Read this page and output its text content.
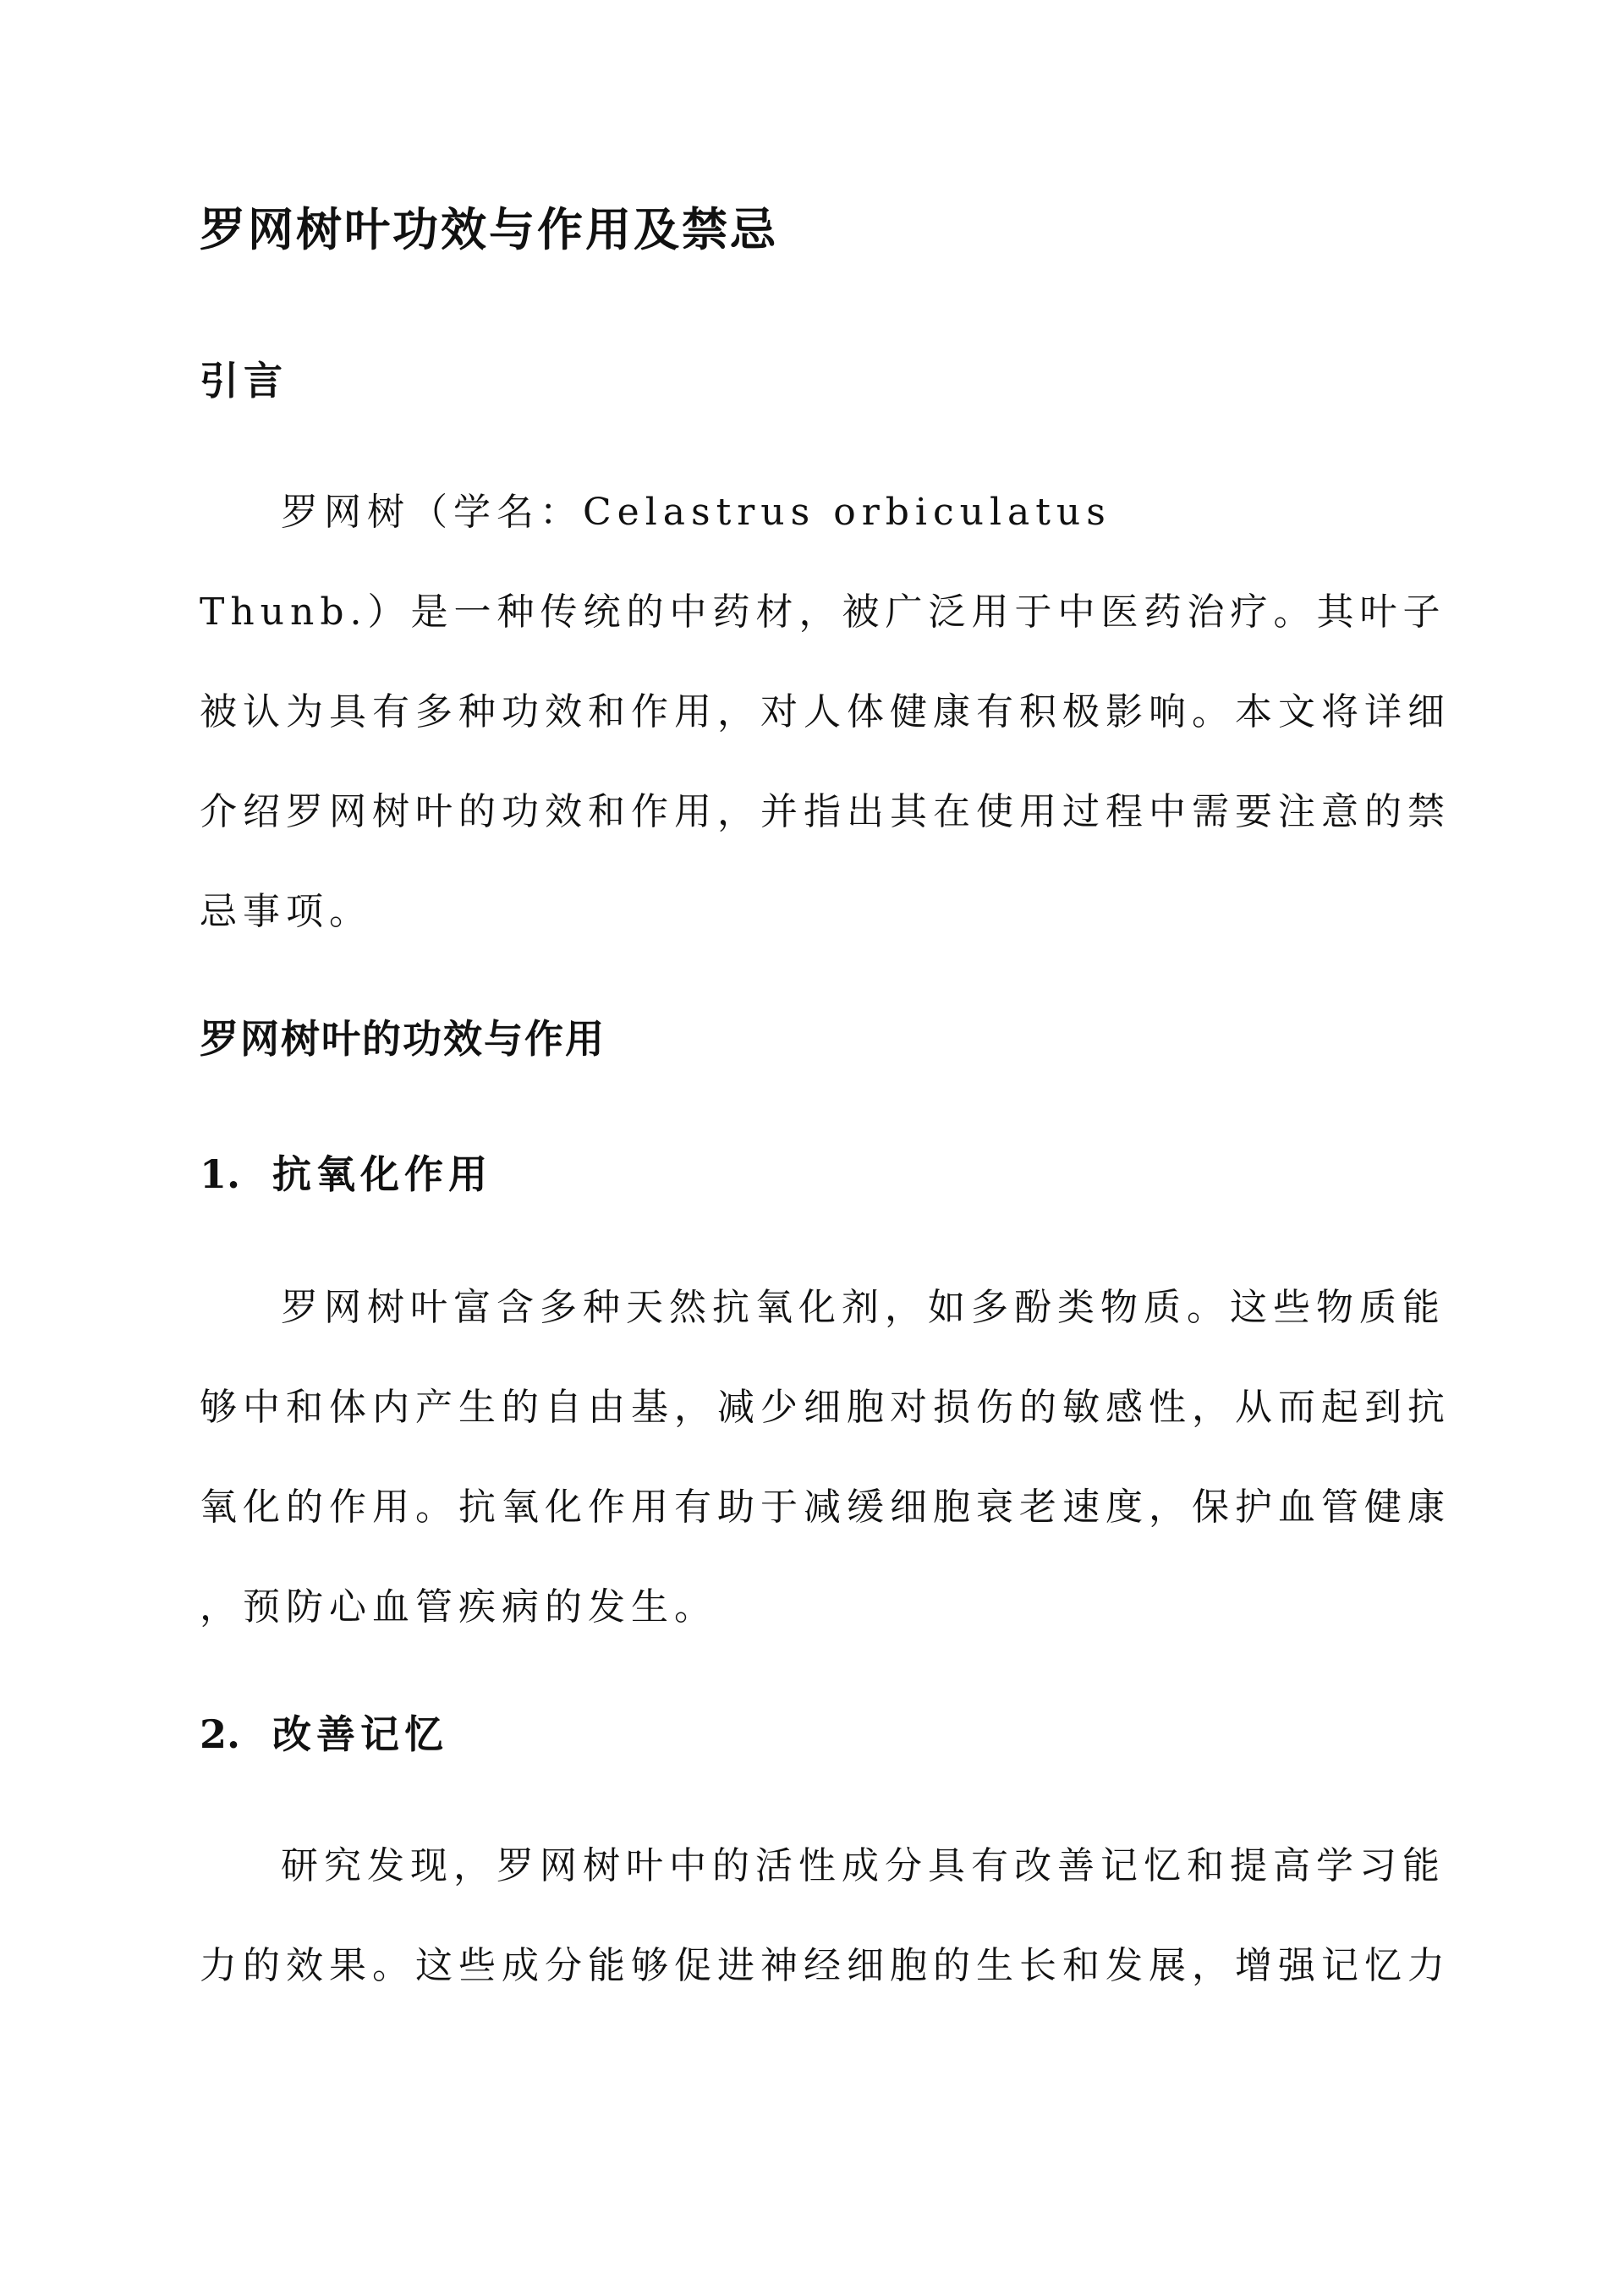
罗网树叶功效与作用及禁忌
引言
罗网树（学名：Celastrus orbiculatus
Thunb.）是一种传统的中药材，被广泛用于中医药治疗。其叶子
被认为具有多种功效和作用，对人体健康有积极影响。本文将详细
介绍罗网树叶的功效和作用，并指出其在使用过程中需要注意的禁
忌事项。
罗网树叶的功效与作用
1. 抗氧化作用
罗网树叶富含多种天然抗氧化剂，如多酚类物质。这些物质能
够中和体内产生的自由基，减少细胞对损伤的敏感性，从而起到抗
氧化的作用。抗氧化作用有助于减缓细胞衰老速度，保护血管健康
，预防心血管疾病的发生。
2. 改善记忆
研究发现，罗网树叶中的活性成分具有改善记忆和提高学习能
力的效果。这些成分能够促进神经细胞的生长和发展，增强记忆力
